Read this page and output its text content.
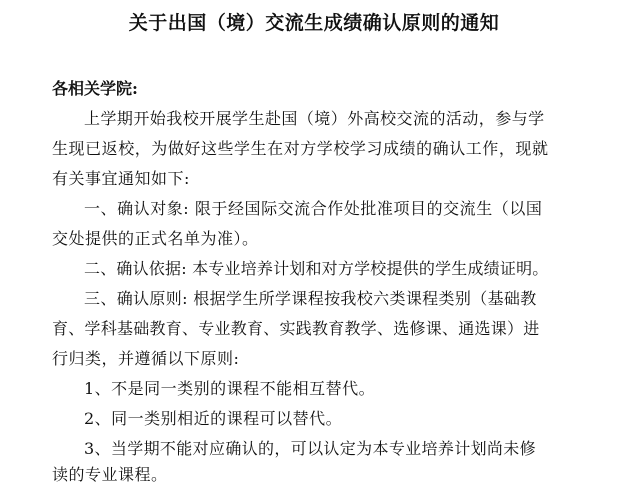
关于出国（境）交流生成绩确认原则的通知
各相关学院:
上学期开始我校开展学生赴国（境）外高校交流的活动，参与学
生现已返校，为做好这些学生在对方学校学习成绩的确认工作，现就
有关事宜通知如下:
一、确认对象: 限于经国际交流合作处批准项目的交流生（以国
交处提供的正式名单为准）。
二、确认依据: 本专业培养计划和对方学校提供的学生成绩证明。
三、确认原则: 根据学生所学课程按我校六类课程类别（基础教
育、学科基础教育、专业教育、实践教育教学、选修课、通选课）进
行归类，并遵循以下原则:
1、不是同一类别的课程不能相互替代。
2、同一类别相近的课程可以替代。
3、当学期不能对应确认的，可以认定为本专业培养计划尚未修
读的专业课程。
